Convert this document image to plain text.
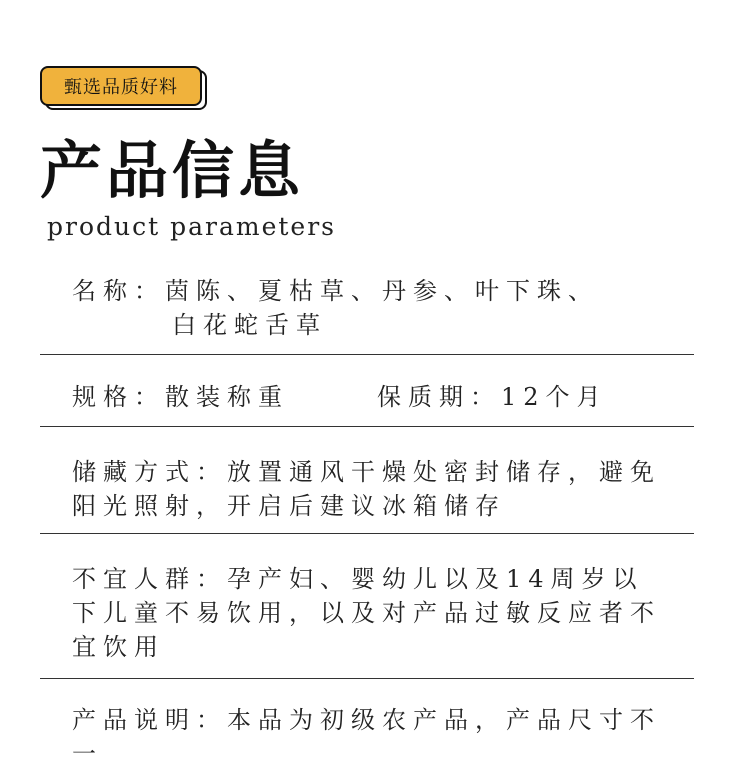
甄选品质好料
产品信息
product parameters
名称：茵陈、夏枯草、丹参、叶下珠、
白花蛇舌草
规格：散装称重	保质期：12个月
储藏方式：放置通风干燥处密封储存，避免阳光照射，开启后建议冰箱储存
不宜人群：孕产妇、婴幼儿以及14周岁以下儿童不易饮用，以及对产品过敏反应者不宜饮用
产品说明：本品为初级农产品，产品尺寸不一
